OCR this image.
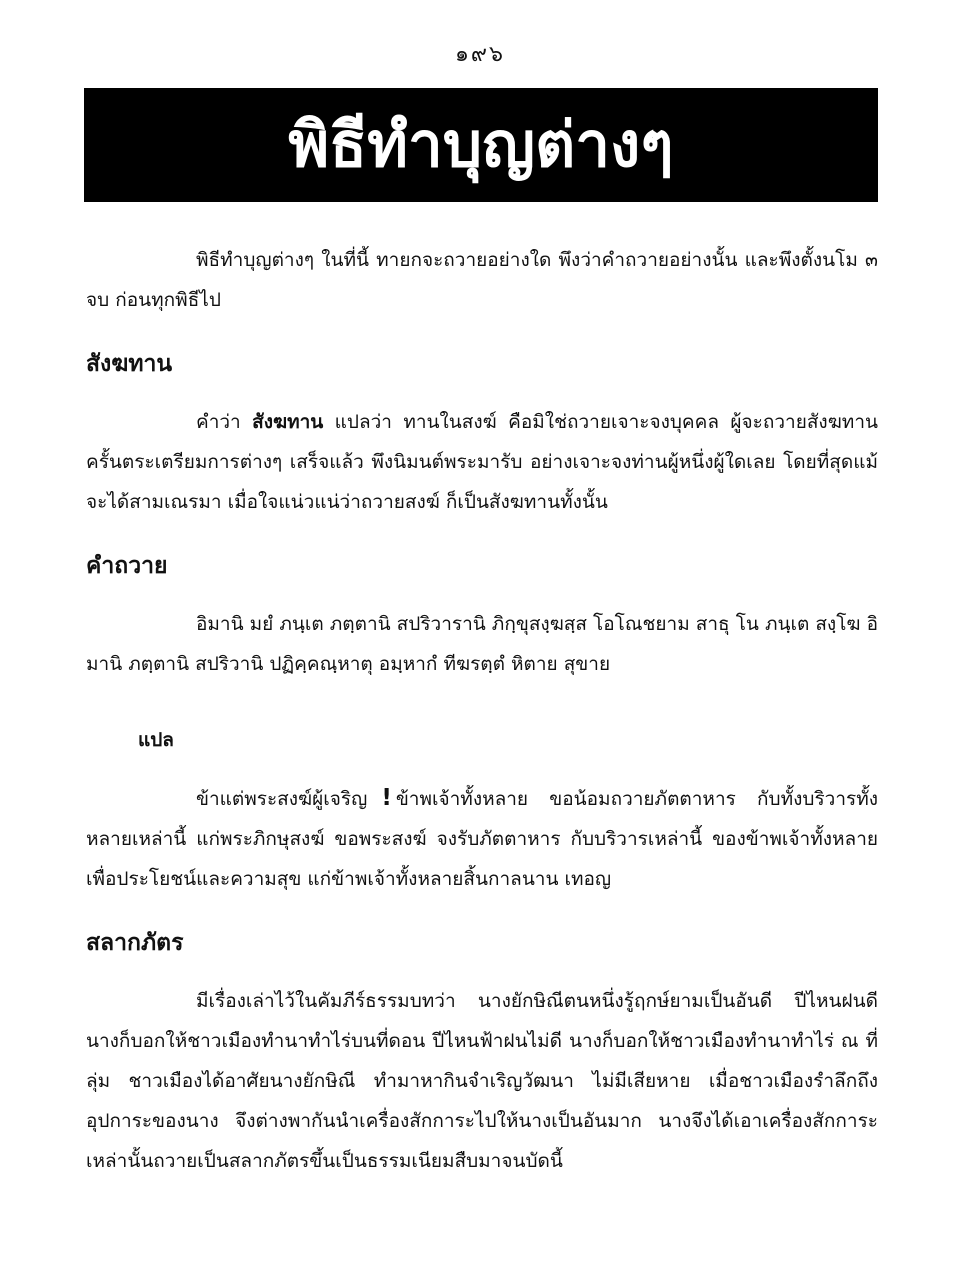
๑๙๖
พิธีทำบุญต่างๆ

พิธีทำบุญต่างๆ ในที่นี้ ทายกจะถวายอย่างใด พึงว่าคำถวายอย่างนั้น และพึงตั้งนโม ๓ จบ ก่อนทุกพิธีไป

สังฆทาน

คำว่า สังฆทาน แปลว่า ทานในสงฆ์ คือมิใช่ถวายเจาะจงบุคคล ผู้จะถวายสังฆทาน ครั้นตระเตรียมการต่างๆ เสร็จแล้ว พึงนิมนต์พระมารับ อย่างเจาะจงท่านผู้หนึ่งผู้ใดเลย โดยที่สุดแม้จะได้สามเณรมา เมื่อใจแน่วแน่ว่าถวายสงฆ์ ก็เป็นสังฆทานทั้งนั้น

คำถวาย

อิมานิ มยํ ภนฺเต ภตฺตานิ สปริวารานิ ภิกฺขุสงฺฆสฺส โอโณชยาม สาธุ โน ภนฺเต สงฺโฆ อิมานิ ภตฺตานิ สปริวานิ ปฏิคฺคณฺหาตุ อมฺหากํ ทีฆรตฺตํ หิตาย สุขาย

แปล

ข้าแต่พระสงฆ์ผู้เจริญ ! ข้าพเจ้าทั้งหลาย ขอน้อมถวายภัตตาหาร กับทั้งบริวารทั้งหลายเหล่านี้ แก่พระภิกษุสงฆ์ ขอพระสงฆ์ จงรับภัตตาหาร กับบริวารเหล่านี้ ของข้าพเจ้าทั้งหลาย เพื่อประโยชน์และความสุข แก่ข้าพเจ้าทั้งหลายสิ้นกาลนาน เทอญ

สลากภัตร

มีเรื่องเล่าไว้ในคัมภีร์ธรรมบทว่า นางยักษิณีตนหนึ่งรู้ฤกษ์ยามเป็นอันดี ปีไหนฝนดี นางก็บอกให้ชาวเมืองทำนาทำไร่บนที่ดอน ปีไหนฟ้าฝนไม่ดี นางก็บอกให้ชาวเมืองทำนาทำไร่ ณ ที่ลุ่ม ชาวเมืองได้อาศัยนางยักษิณี ทำมาหากินจำเริญวัฒนา ไม่มีเสียหาย เมื่อชาวเมืองรำลึกถึงอุปการะของนาง จึงต่างพากันนำเครื่องสักการะไปให้นางเป็นอันมาก นางจึงได้เอาเครื่องสักการะเหล่านั้นถวายเป็นสลากภัตรขึ้นเป็นธรรมเนียมสืบมาจนบัดนี้
